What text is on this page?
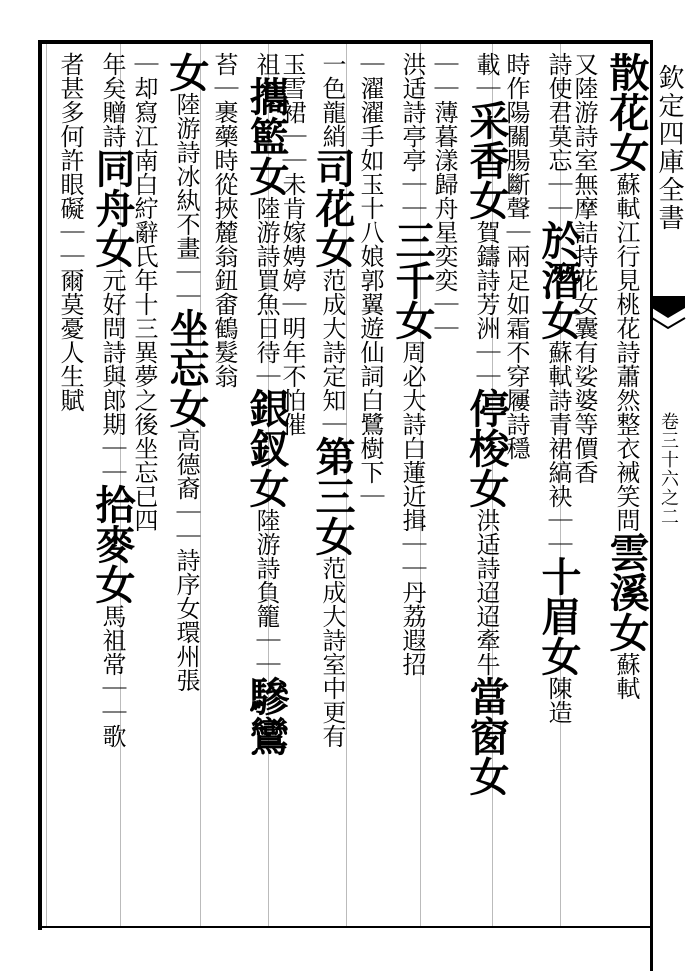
欽定四庫全書
卷三十六之二
散花女蘇軾江行見桃花詩蕭然整衣裓笑問雲溪女蘇軾
又陸游詩室無摩詰持花女囊有娑婆等價香
詩使君莫忘｜｜於潛女蘇軾詩青裙縞袂｜｜十眉女陳造
時作陽關腸斷聲｜兩足如霜不穿屨詩穩
載｜采香女賀鑄詩芳洲｜｜停梭女洪适詩迢迢牽牛當窗女
｜｜薄暮漾歸舟星奕奕｜｜
洪适詩亭亭｜｜三千女周必大詩白蓮近揖｜｜丹荔遐招
｜濯濯手如玉十八娘郭翼遊仙詞白鷺樹下｜
一色龍綃司花女范成大詩定知｜第三女范成大詩室中更有
玉雪裙｜｜未肯嫁娉婷｜明年不怕催
祖攜籃女陸游詩買魚日待｜銀釵女陸游詩負籠｜｜驂鸞
苔｜裹藥時從挾麓翁鈕畬鶴髮翁
女陸游詩冰紈不畫｜｜坐忘女高德裔｜｜詩序女環州張
｜却寫江南白紵辭氏年十三異夢之後坐忘已四
年矣贈詩同舟女元好問詩與郎期｜｜拾麥女馬祖常｜｜歌
者甚多何許眼礙｜｜爾莫憂人生賦
